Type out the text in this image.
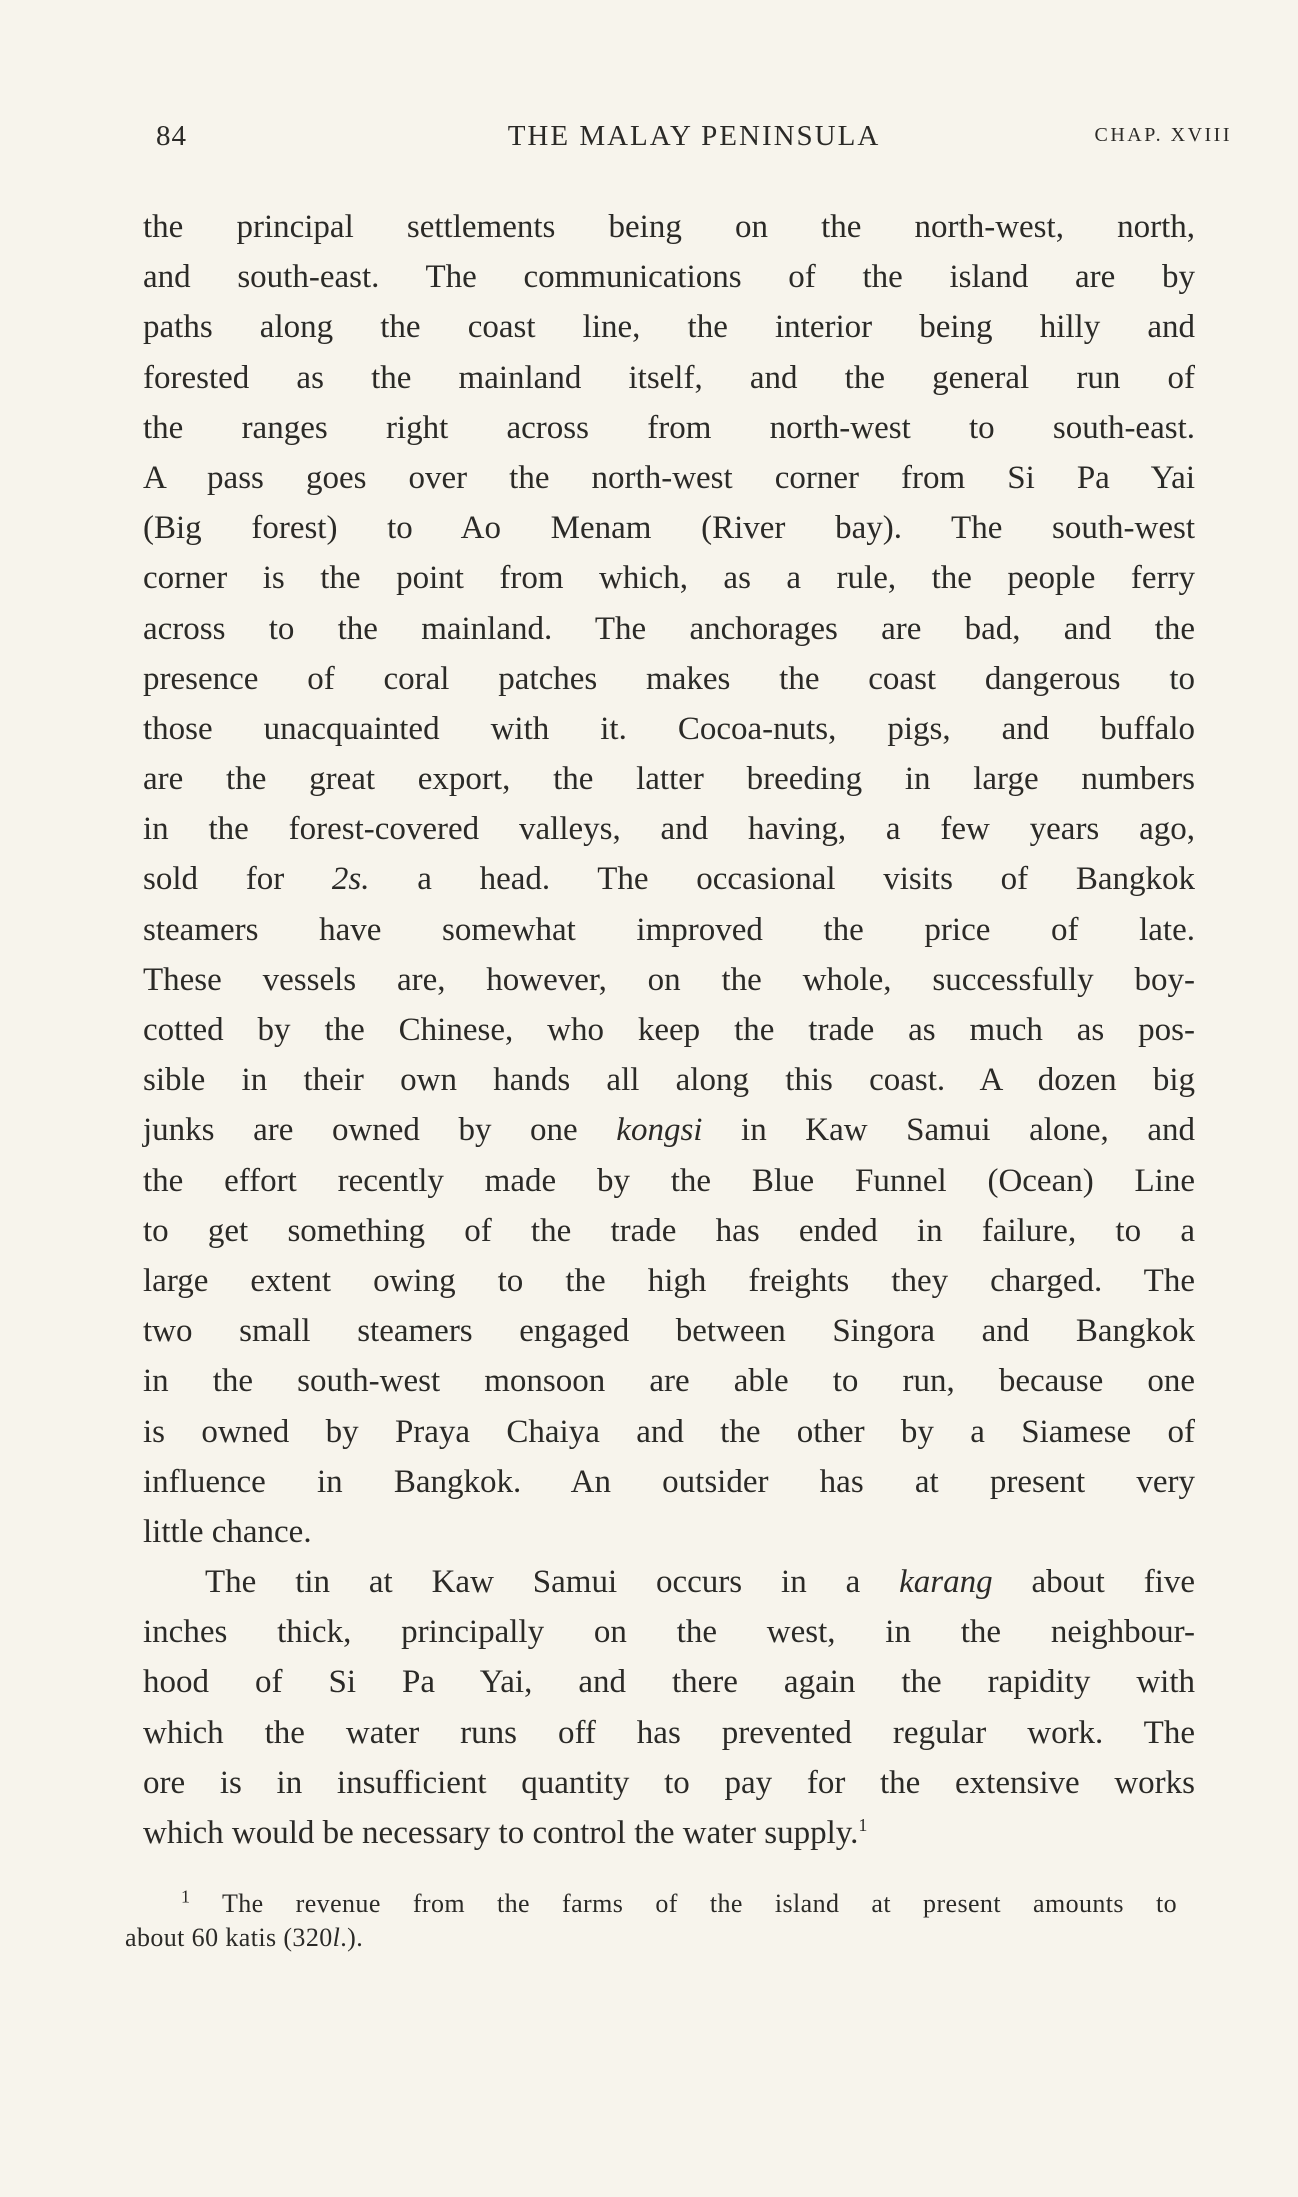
84	THE MALAY PENINSULA	CHAP. XVIII
the principal settlements being on the north-west, north,
and south-east. The communications of the island are by
paths along the coast line, the interior being hilly and
forested as the mainland itself, and the general run of
the ranges right across from north-west to south-east.
A pass goes over the north-west corner from Si Pa Yai
(Big forest) to Ao Menam (River bay). The south-west
corner is the point from which, as a rule, the people ferry
across to the mainland. The anchorages are bad, and the
presence of coral patches makes the coast dangerous to
those unacquainted with it. Cocoa-nuts, pigs, and buffalo
are the great export, the latter breeding in large numbers
in the forest-covered valleys, and having, a few years ago,
sold for 2s. a head. The occasional visits of Bangkok
steamers have somewhat improved the price of late.
These vessels are, however, on the whole, successfully boy-
cotted by the Chinese, who keep the trade as much as pos-
sible in their own hands all along this coast. A dozen big
junks are owned by one kongsi in Kaw Samui alone, and
the effort recently made by the Blue Funnel (Ocean) Line
to get something of the trade has ended in failure, to a
large extent owing to the high freights they charged. The
two small steamers engaged between Singora and Bangkok
in the south-west monsoon are able to run, because one
is owned by Praya Chaiya and the other by a Siamese of
influence in Bangkok. An outsider has at present very
little chance.
The tin at Kaw Samui occurs in a karang about five
inches thick, principally on the west, in the neighbour-
hood of Si Pa Yai, and there again the rapidity with
which the water runs off has prevented regular work. The
ore is in insufficient quantity to pay for the extensive works
which would be necessary to control the water supply.$^1$
$^1$ The revenue from the farms of the island at present amounts to
about 60 katis (320l.).
